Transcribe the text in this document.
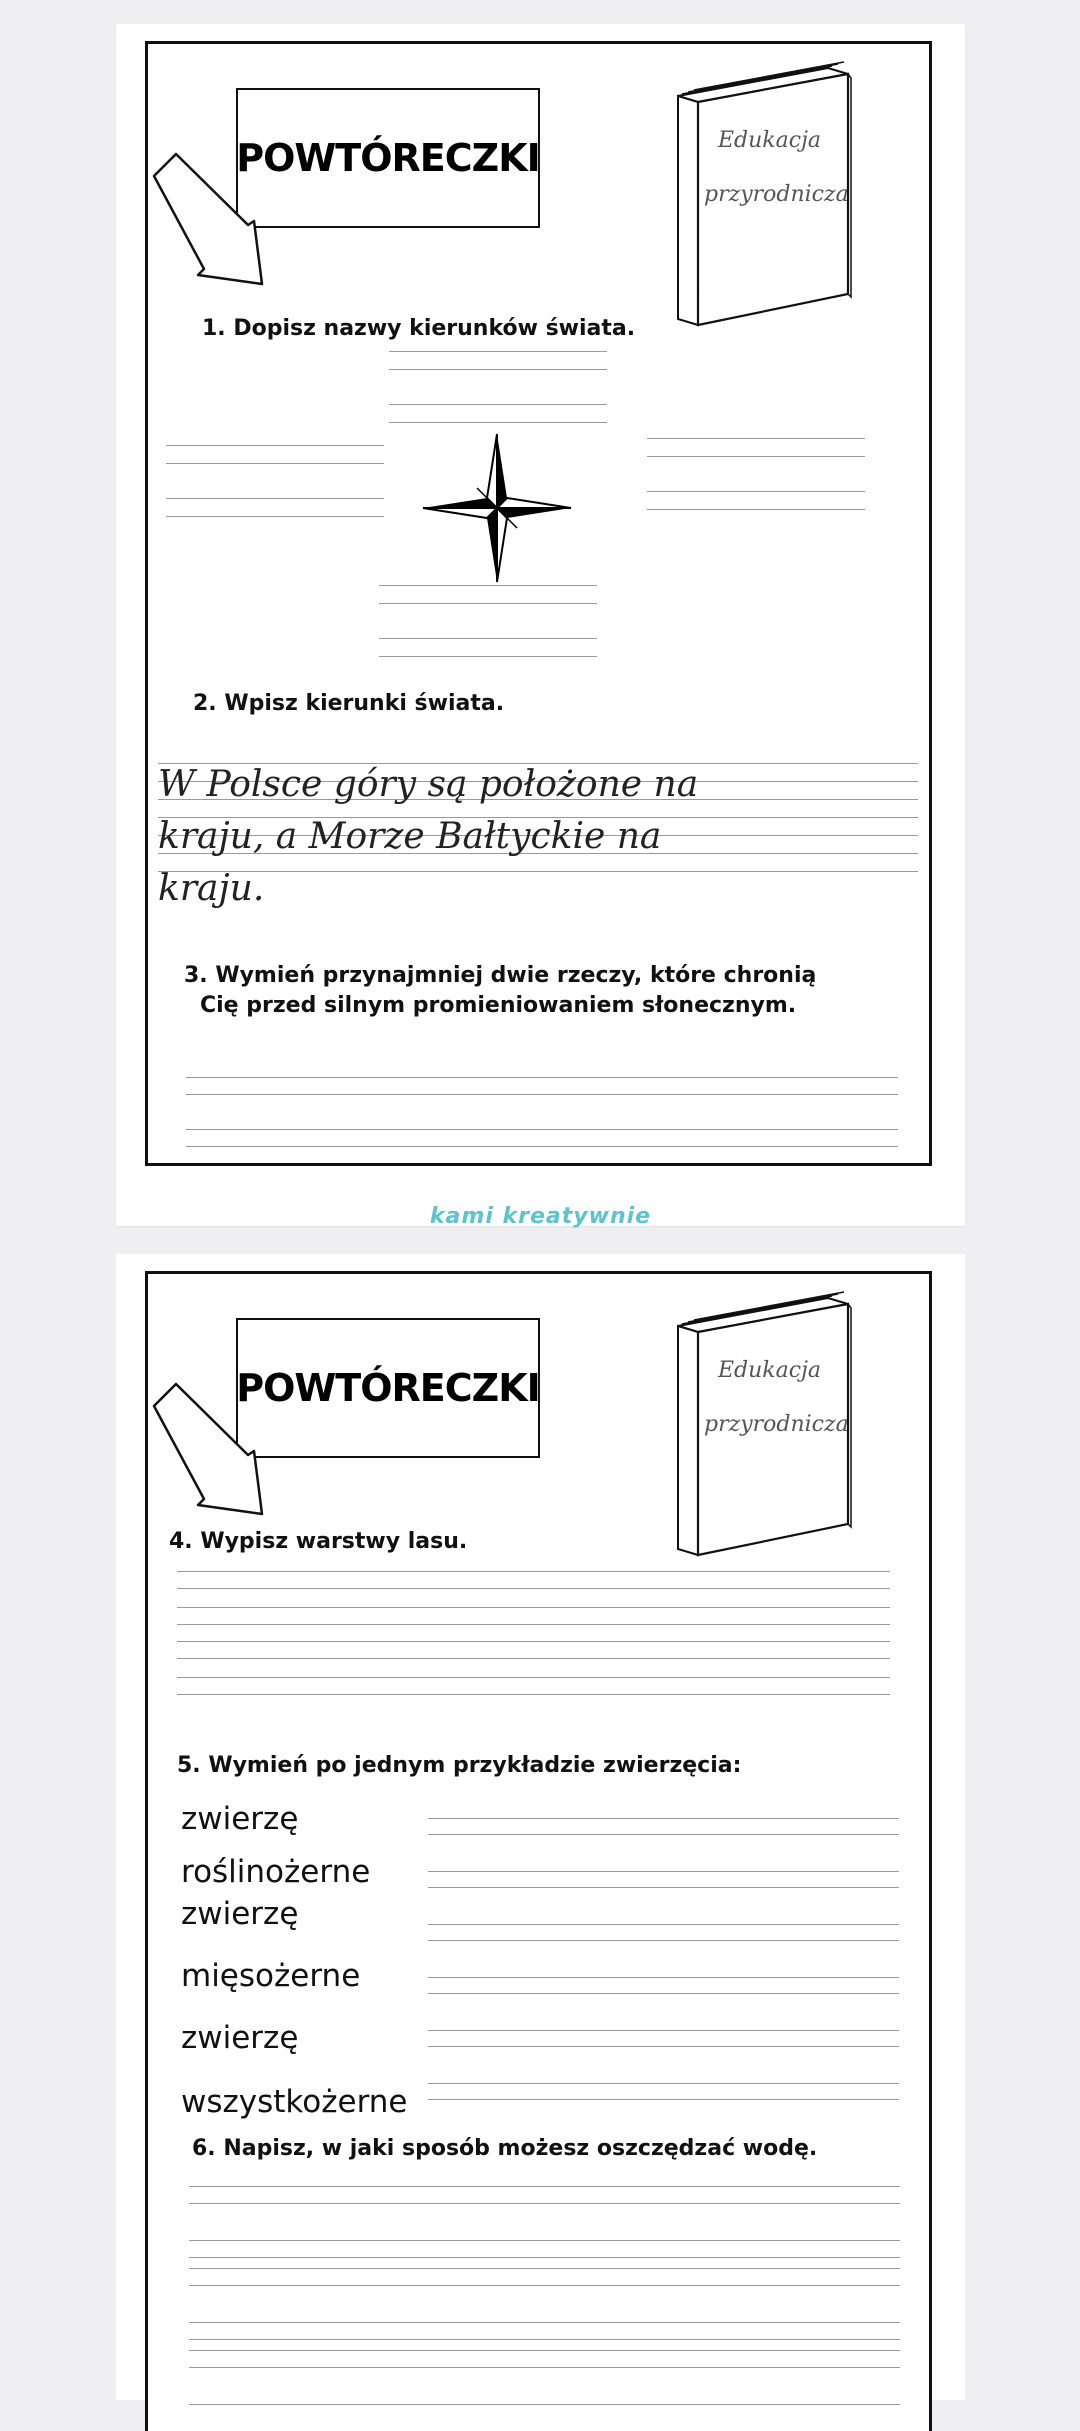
POWTÓRECZKI	Edukacja
przyrodnicza
1. Dopisz nazwy kierunków świata.
2. Wpisz kierunki świata.
W Polsce góry są położone na
kraju, a Morze Bałtyckie na
kraju.
3. Wymień przynajmniej dwie rzeczy, które chronią
Cię przed silnym promieniowaniem słonecznym.
kami kreatywnie
POWTÓRECZKI	Edukacja
przyrodnicza
4. Wypisz warstwy lasu.
5. Wymień po jednym przykładzie zwierzęcia:
zwierzę
roślinożerne
zwierzę
mięsożerne
zwierzę
wszystkożerne
6. Napisz, w jaki sposób możesz oszczędzać wodę.
